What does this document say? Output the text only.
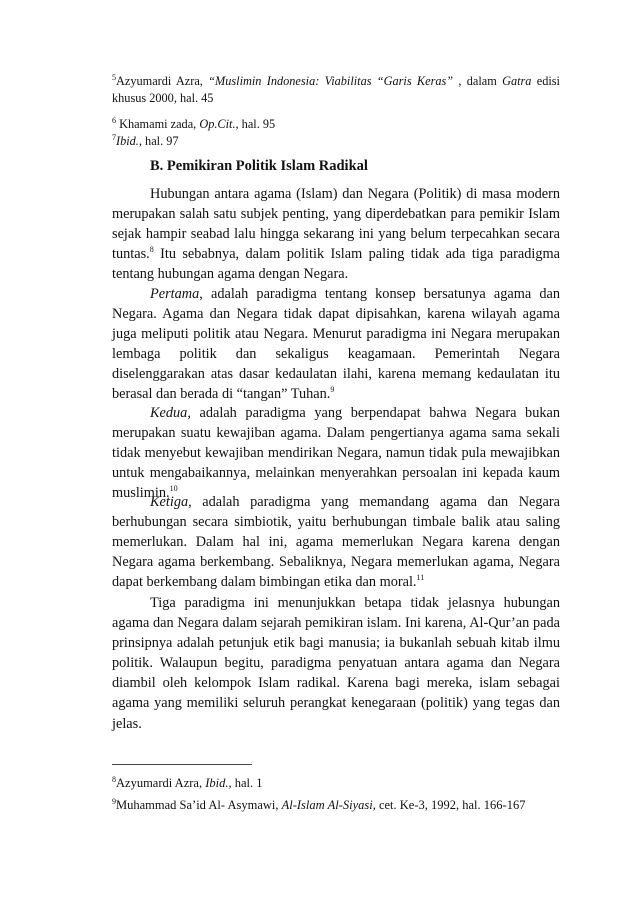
$^5$Azyumardi Azra, “Muslimin Indonesia: Viabilitas “Garis Keras” , dalam Gatra edisi khusus 2000, hal. 45
$^6$ Khamami zada, Op.Cit., hal. 95
$^7$Ibid., hal. 97
B. Pemikiran Politik Islam Radikal

Hubungan antara agama (Islam) dan Negara (Politik) di masa modern merupakan salah satu subjek penting, yang diperdebatkan para pemikir Islam sejak hampir seabad lalu hingga sekarang ini yang belum terpecahkan secara tuntas.$^8$ Itu sebabnya, dalam politik Islam paling tidak ada tiga paradigma tentang hubungan agama dengan Negara.

Pertama, adalah paradigma tentang konsep bersatunya agama dan Negara. Agama dan Negara tidak dapat dipisahkan, karena wilayah agama juga meliputi politik atau Negara. Menurut paradigma ini Negara merupakan lembaga politik dan sekaligus keagamaan. Pemerintah Negara diselenggarakan atas dasar kedaulatan ilahi, karena memang kedaulatan itu berasal dan berada di “tangan” Tuhan.$^9$

Kedua, adalah paradigma yang berpendapat bahwa Negara bukan merupakan suatu kewajiban agama. Dalam pengertianya agama sama sekali tidak menyebut kewajiban mendirikan Negara, namun tidak pula mewajibkan untuk mengabaikannya, melainkan menyerahkan persoalan ini kepada kaum muslimin.$^{10}$

Ketiga, adalah paradigma yang memandang agama dan Negara berhubungan secara simbiotik, yaitu berhubungan timbale balik atau saling memerlukan. Dalam hal ini, agama memerlukan Negara karena dengan Negara agama berkembang. Sebaliknya, Negara memerlukan agama, Negara dapat berkembang dalam bimbingan etika dan moral.$^{11}$

Tiga paradigma ini menunjukkan betapa tidak jelasnya hubungan agama dan Negara dalam sejarah pemikiran islam. Ini karena, Al-Qur’an pada prinsipnya adalah petunjuk etik bagi manusia; ia bukanlah sebuah kitab ilmu politik. Walaupun begitu, paradigma penyatuan antara agama dan Negara diambil oleh kelompok Islam radikal. Karena bagi mereka, islam sebagai agama yang memiliki seluruh perangkat kenegaraan (politik) yang tegas dan jelas.

$^8$Azyumardi Azra, Ibid., hal. 1
$^9$Muhammad Sa’id Al- Asymawi, Al-Islam Al-Siyasi, cet. Ke-3, 1992, hal. 166-167
